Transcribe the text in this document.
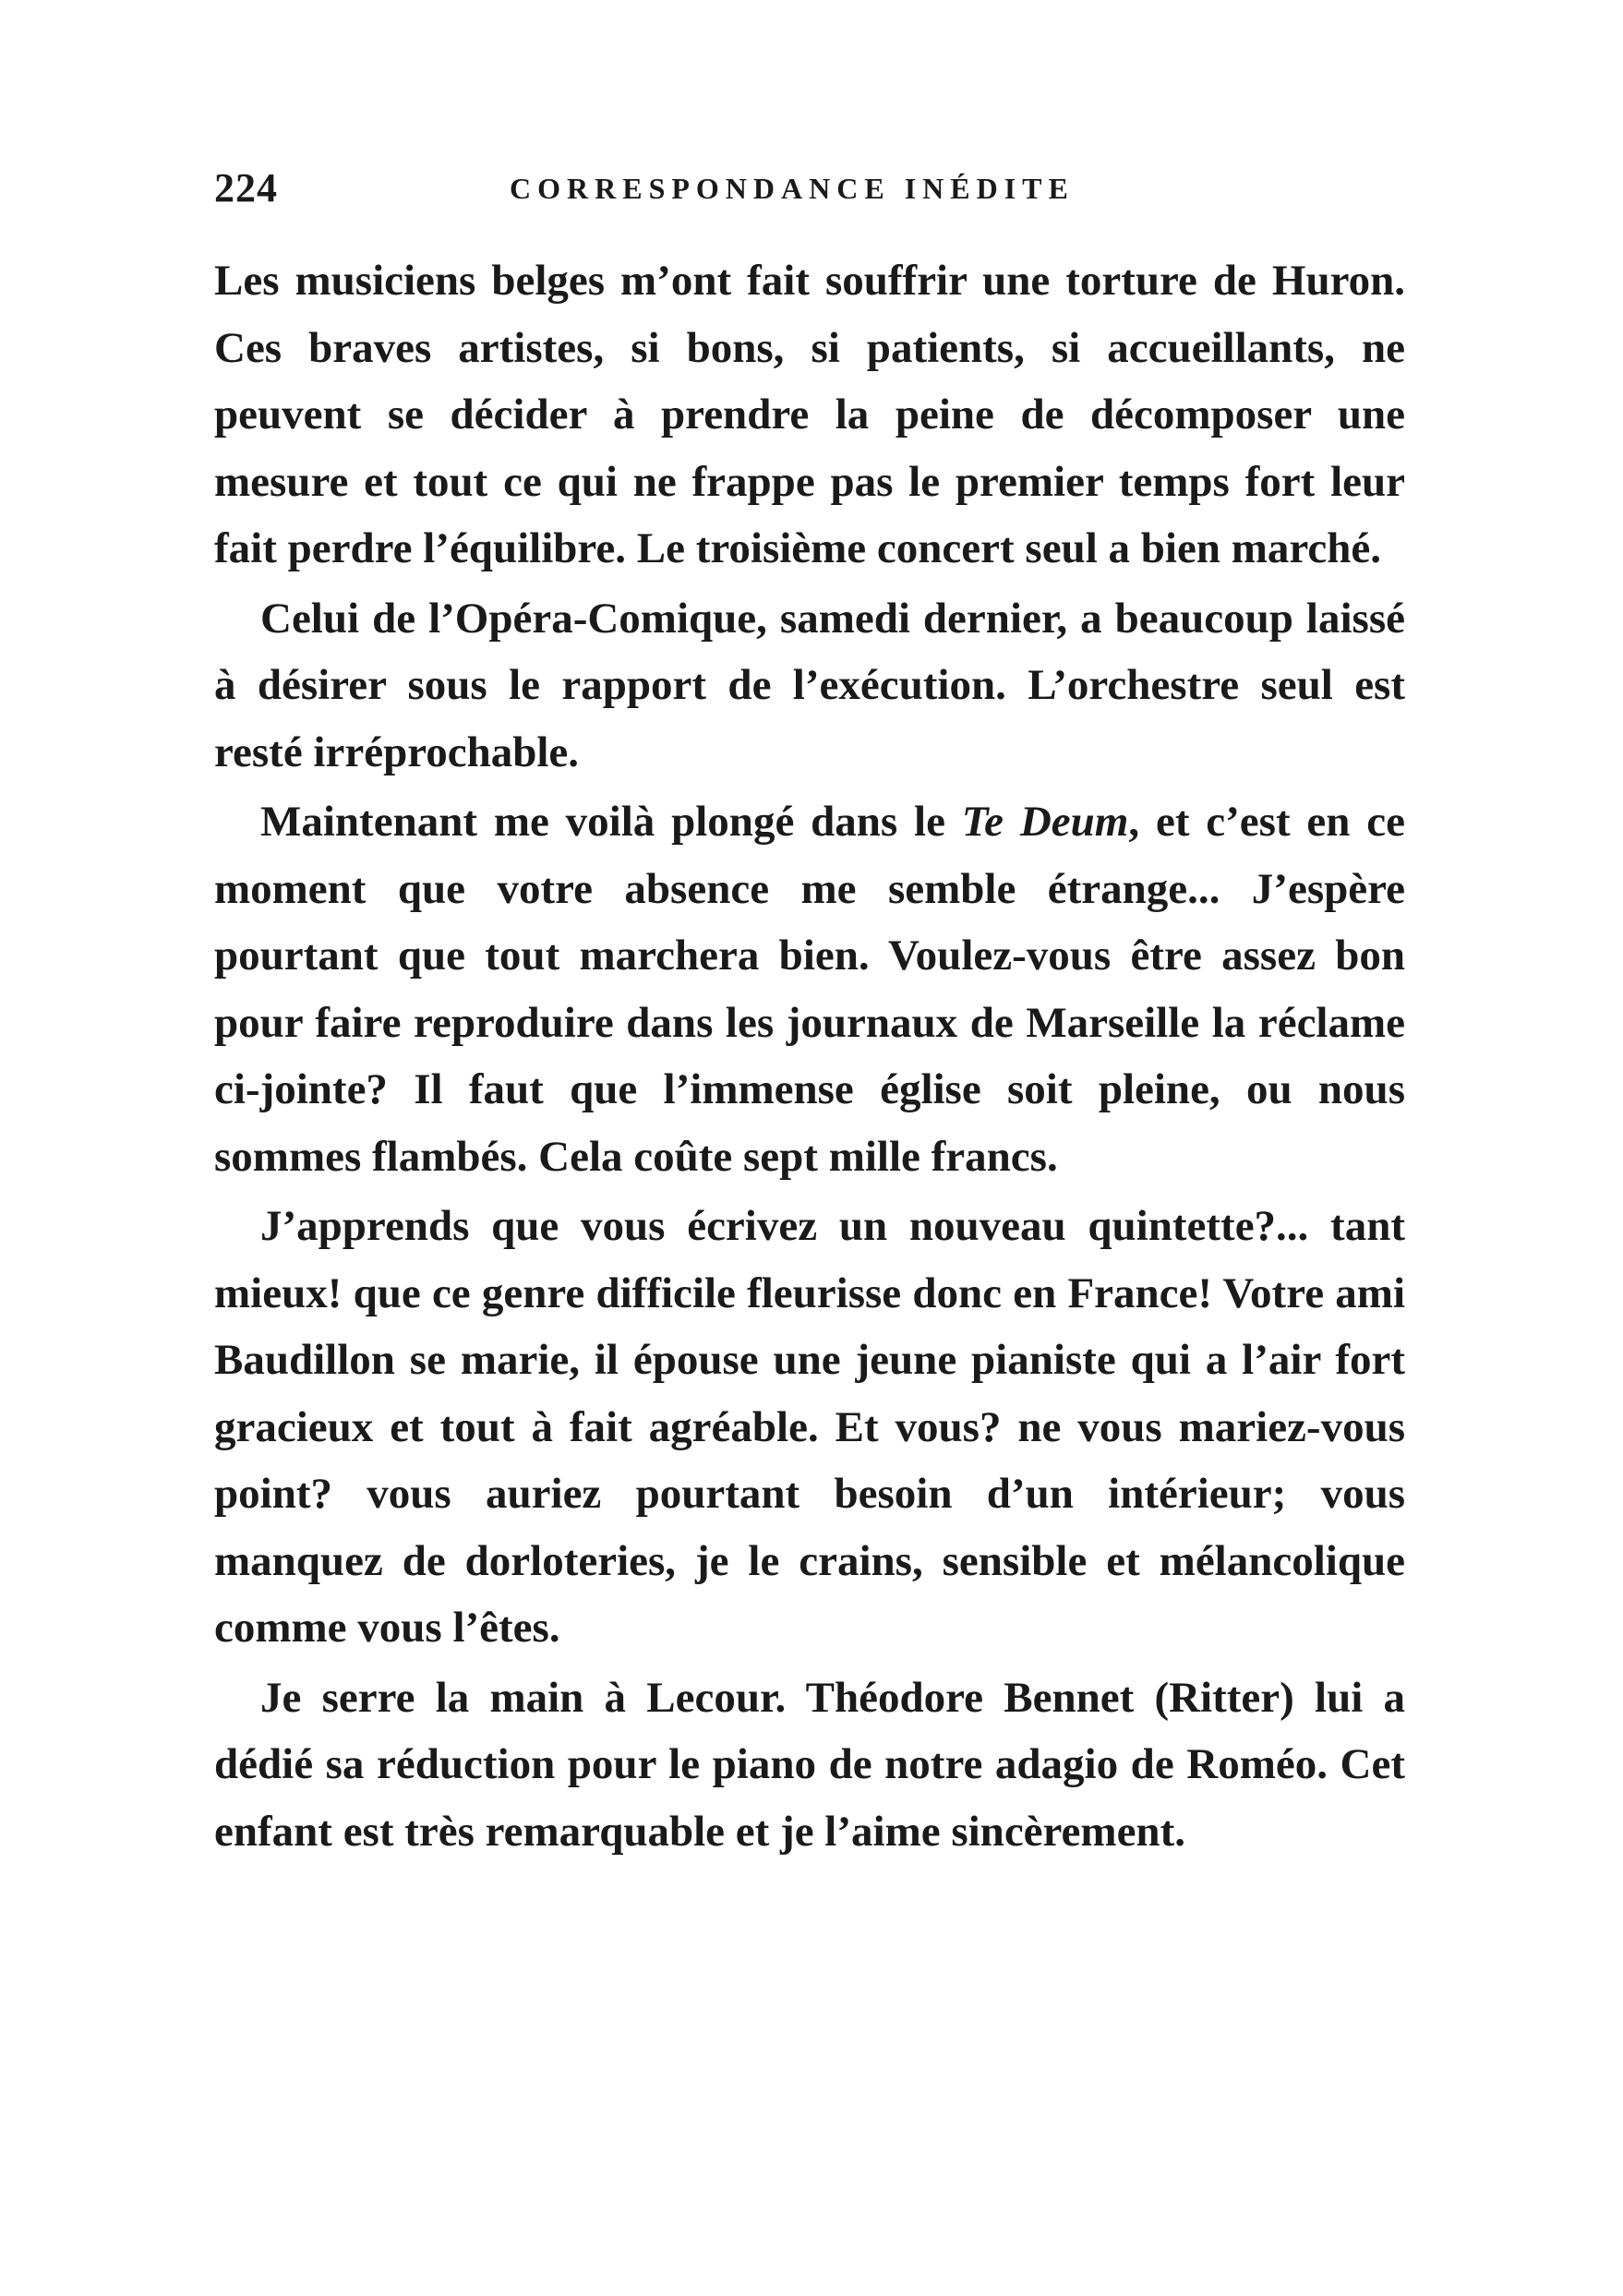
224	CORRESPONDANCE INÉDITE

Les musiciens belges m’ont fait souffrir une torture de Huron. Ces braves artistes, si bons, si patients, si accueillants, ne peuvent se décider à prendre la peine de décomposer une mesure et tout ce qui ne frappe pas le premier temps fort leur fait perdre l’équilibre. Le troisième concert seul a bien marché.

Celui de l’Opéra-Comique, samedi dernier, a beaucoup laissé à désirer sous le rapport de l’exécution. L’orchestre seul est resté irréprochable.

Maintenant me voilà plongé dans le Te Deum, et c’est en ce moment que votre absence me semble étrange... J’espère pourtant que tout marchera bien. Voulez-vous être assez bon pour faire reproduire dans les journaux de Marseille la réclame ci-jointe? Il faut que l’immense église soit pleine, ou nous sommes flambés. Cela coûte sept mille francs.

J’apprends que vous écrivez un nouveau quintette?... tant mieux! que ce genre difficile fleurisse donc en France! Votre ami Baudillon se marie, il épouse une jeune pianiste qui a l’air fort gracieux et tout à fait agréable. Et vous? ne vous mariez-vous point? vous auriez pourtant besoin d’un intérieur; vous manquez de dorloteries, je le crains, sensible et mélancolique comme vous l’êtes.

Je serre la main à Lecour. Théodore Bennet (Ritter) lui a dédié sa réduction pour le piano de notre adagio de Roméo. Cet enfant est très remarquable et je l’aime sincèrement.
